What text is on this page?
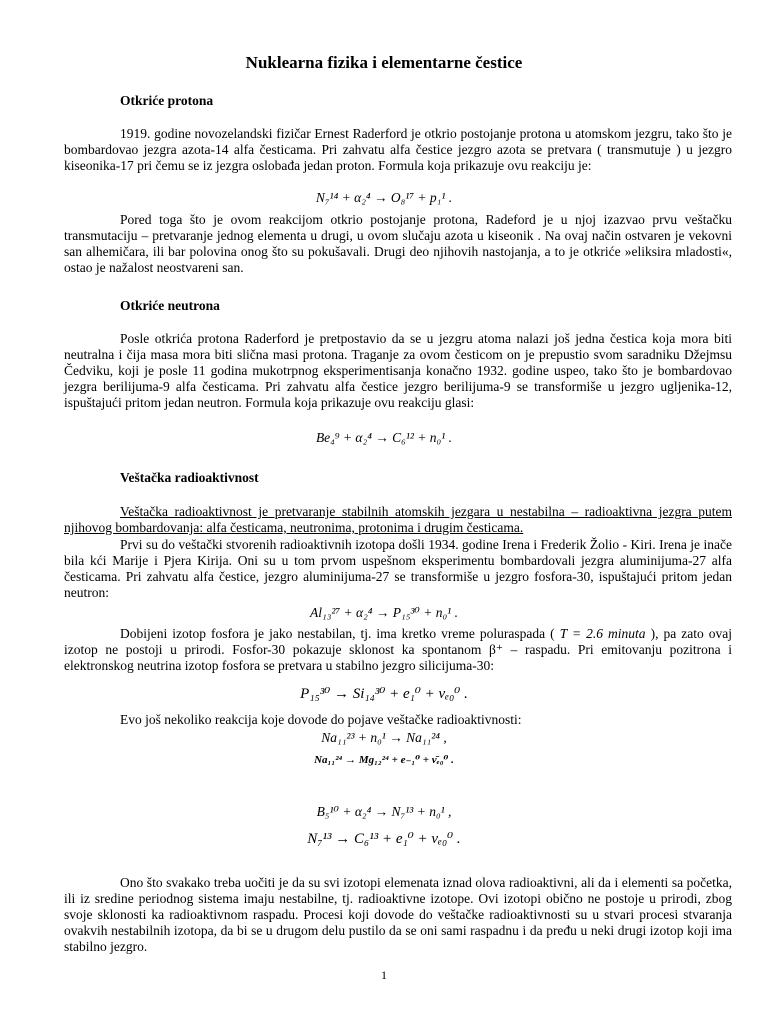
Nuklearna fizika i elementarne čestice
Otkriće protona
1919. godine novozelandski fizičar Ernest Raderford je otkrio postojanje protona u atomskom jezgru, tako što je bombardovao jezgra azota-14 alfa česticama. Pri zahvatu alfa čestice jezgro azota se pretvara ( transmutuje ) u jezgro kiseonika-17 pri čemu se iz jezgra oslobađa jedan proton. Formula koja prikazuje ovu reakciju je:
N₇¹⁴ + α₂⁴ → O₈¹⁷ + p₁¹ .
Pored toga što je ovom reakcijom otkrio postojanje protona, Radeford je u njoj izazvao prvu veštačku transmutaciju – pretvaranje jednog elementa u drugi, u ovom slučaju azota u kiseonik . Na ovaj način ostvaren je vekovni san alhemičara, ili bar polovina onog što su pokušavali. Drugi deo njihovih nastojanja, a to je otkriće »eliksira mladosti«, ostao je nažalost neostvareni san.
Otkriće neutrona
Posle otkrića protona Raderford je pretpostavio da se u jezgru atoma nalazi još jedna čestica koja mora biti neutralna i čija masa mora biti slična masi protona. Traganje za ovom česticom on je prepustio svom saradniku Džejmsu Čedviku, koji je posle 11 godina mukotrpnog eksperimentisanja konačno 1932. godine uspeo, tako što je bombardovao jezgra berilijuma-9 alfa česticama. Pri zahvatu alfa čestice jezgro berilijuma-9 se transformiše u jezgro ugljenika-12, ispuštajući pritom jedan neutron. Formula koja prikazuje ovu reakciju glasi:
Be₄⁹ + α₂⁴ → C₆¹² + n₀¹ .
Veštačka radioaktivnost
Veštačka radioaktivnost je pretvaranje stabilnih atomskih jezgara u nestabilna – radioaktivna jezgra putem njihovog bombardovanja: alfa česticama, neutronima, protonima i drugim česticama.
Prvi su do veštački stvorenih radioaktivnih izotopa došli 1934. godine Irena i Frederik Žolio - Kiri. Irena je inače bila kći Marije i Pjera Kirija. Oni su u tom prvom uspešnom eksperimentu bombardovali jezgra aluminijuma-27 alfa česticama. Pri zahvatu alfa čestice, jezgro aluminijuma-27 se transformiše u jezgro fosfora-30, ispuštajući pritom jedan neutron:
Al₁₃²⁷ + α₂⁴ → P₁₅³⁰ + n₀¹ .
Dobijeni izotop fosfora je jako nestabilan, tj. ima kretko vreme poluraspada ( T = 2.6 minuta ), pa zato ovaj izotop ne postoji u prirodi. Fosfor-30 pokazuje sklonost ka spontanom β⁺ – raspadu. Pri emitovanju pozitrona i elektronskog neutrina izotop fosfora se pretvara u stabilno jezgro silicijuma-30:
P₁₅³⁰ → Si₁₄³⁰ + e₁⁰ + νₑ₀⁰ .
Evo još nekoliko reakcija koje dovode do pojave veštačke radioaktivnosti:
Na₁₁²³ + n₀¹ → Na₁₁²⁴ ,
Na₁₁²⁴ → Mg₁₂²⁴ + e₋₁⁰ + ν̄ₑ₀⁰ .
B₅¹⁰ + α₂⁴ → N₇¹³ + n₀¹ ,
N₇¹³ → C₆¹³ + e₁⁰ + νₑ₀⁰ .
Ono što svakako treba uočiti je da su svi izotopi elemenata iznad olova radioaktivni, ali da i elementi sa početka, ili iz sredine periodnog sistema imaju nestabilne, tj. radioaktivne izotope. Ovi izotopi obično ne postoje u prirodi, zbog svoje sklonosti ka radioaktivnom raspadu. Procesi koji dovode do veštačke radioaktivnosti su u stvari procesi stvaranja ovakvih nestabilnih izotopa, da bi se u drugom delu pustilo da se oni sami raspadnu i da pređu u neki drugi izotop koji ima stabilno jezgro.
1
